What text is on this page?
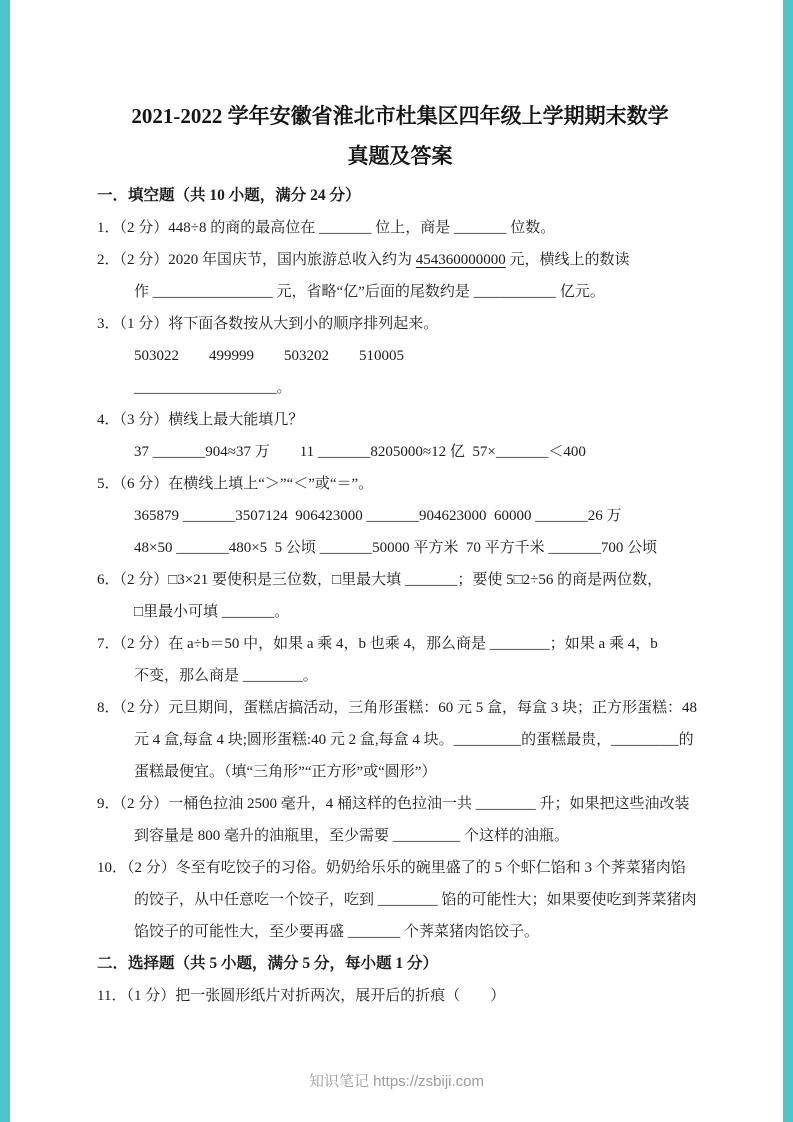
2021-2022 学年安徽省淮北市杜集区四年级上学期期末数学
真题及答案
一．填空题（共 10 小题，满分 24 分）
1．（2 分）448÷8 的商的最高位在 _______ 位上，商是 _______ 位数。
2．（2 分）2020 年国庆节，国内旅游总收入约为 454360000000 元，横线上的数读
作 ________________ 元，省略“亿”后面的尾数约是 ___________ 亿元。
3．（1 分）将下面各数按从大到小的顺序排列起来。
503022        499999        503202        510005
___________________。
4．（3 分）横线上最大能填几？
37 _______904≈37 万        11 _______8205000≈12 亿  57×_______＜400
5．（6 分）在横线上填上“＞”“＜”或“＝”。
365879 _______3507124  906423000 _______904623000  60000 _______26 万
48×50 _______480×5  5 公顷 _______50000 平方米  70 平方千米 _______700 公顷
6．（2 分）□3×21 要使积是三位数，□里最大填 _______；要使 5□2÷56 的商是两位数，
□里最小可填 _______。
7．（2 分）在 a÷b＝50 中，如果 a 乘 4，b 也乘 4，那么商是 ________；如果 a 乘 4，b
不变，那么商是 ________。
8．（2 分）元旦期间，蛋糕店搞活动，三角形蛋糕：60 元 5 盒，每盒 3 块；正方形蛋糕：48
元 4 盒,每盒 4 块;圆形蛋糕:40 元 2 盒,每盒 4 块。_________的蛋糕最贵，_________的
蛋糕最便宜。（填“三角形”“正方形”或“圆形”）
9．（2 分）一桶色拉油 2500 毫升，4 桶这样的色拉油一共 ________ 升；如果把这些油改装
到容量是 800 毫升的油瓶里，至少需要 _________ 个这样的油瓶。
10．（2 分）冬至有吃饺子的习俗。奶奶给乐乐的碗里盛了的 5 个虾仁馅和 3 个荠菜猪肉馅
的饺子，从中任意吃一个饺子，吃到 ________ 馅的可能性大；如果要使吃到荠菜猪肉
馅饺子的可能性大，至少要再盛 _______ 个荠菜猪肉馅饺子。
二．选择题（共 5 小题，满分 5 分，每小题 1 分）
11．（1 分）把一张圆形纸片对折两次，展开后的折痕（　　）
知识笔记 https://zsbiji.com
